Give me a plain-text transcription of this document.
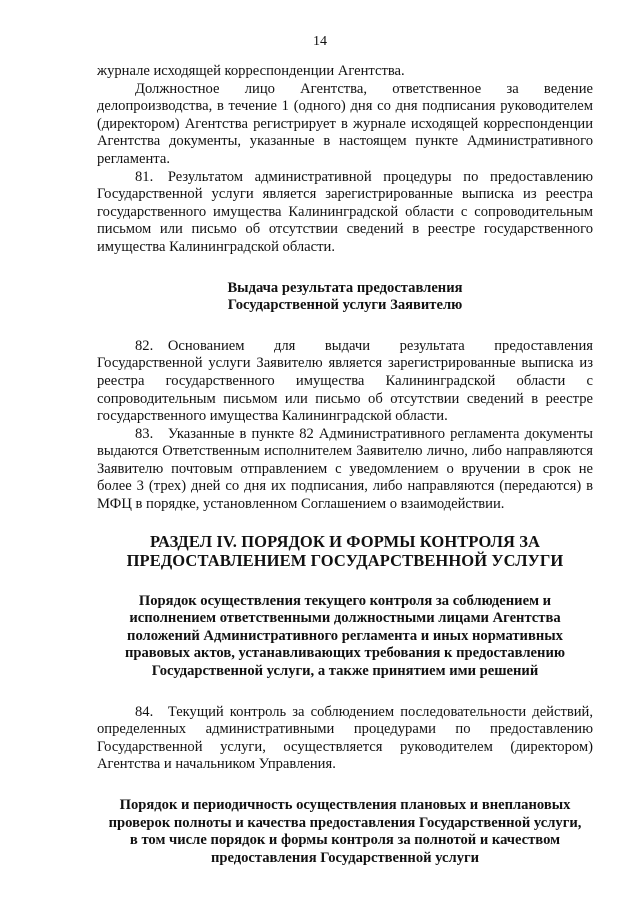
14

журнале исходящей корреспонденции Агентства.

Должностное лицо Агентства, ответственное за ведение делопроизводства, в течение 1 (одного) дня со дня подписания руководителем (директором) Агентства регистрирует в журнале исходящей корреспонденции Агентства документы, указанные в настоящем пункте Административного регламента.

81. Результатом административной процедуры по предоставлению Государственной услуги является зарегистрированные выписка из реестра государственного имущества Калининградской области с сопроводительным письмом или письмо об отсутствии сведений в реестре государственного имущества Калининградской области.

Выдача результата предоставления
Государственной услуги Заявителю

82. Основанием для выдачи результата предоставления Государственной услуги Заявителю является зарегистрированные выписка из реестра государственного имущества Калининградской области с сопроводительным письмом или письмо об отсутствии сведений в реестре государственного имущества Калининградской области.

83. Указанные в пункте 82 Административного регламента документы выдаются Ответственным исполнителем Заявителю лично, либо направляются Заявителю почтовым отправлением с уведомлением о вручении в срок не более 3 (трех) дней со дня их подписания, либо направляются (передаются) в МФЦ в порядке, установленном Соглашением о взаимодействии.

РАЗДЕЛ IV. ПОРЯДОК И ФОРМЫ КОНТРОЛЯ ЗА
ПРЕДОСТАВЛЕНИЕМ ГОСУДАРСТВЕННОЙ УСЛУГИ
Порядок осуществления текущего контроля за соблюдением и
исполнением ответственными должностными лицами Агентства
положений Административного регламента и иных нормативных
правовых актов, устанавливающих требования к предоставлению
Государственной услуги, а также принятием ими решений

84. Текущий контроль за соблюдением последовательности действий, определенных административными процедурами по предоставлению Государственной услуги, осуществляется руководителем (директором) Агентства и начальником Управления.

Порядок и периодичность осуществления плановых и внеплановых
проверок полноты и качества предоставления Государственной услуги,
в том числе порядок и формы контроля за полнотой и качеством
предоставления Государственной услуги
